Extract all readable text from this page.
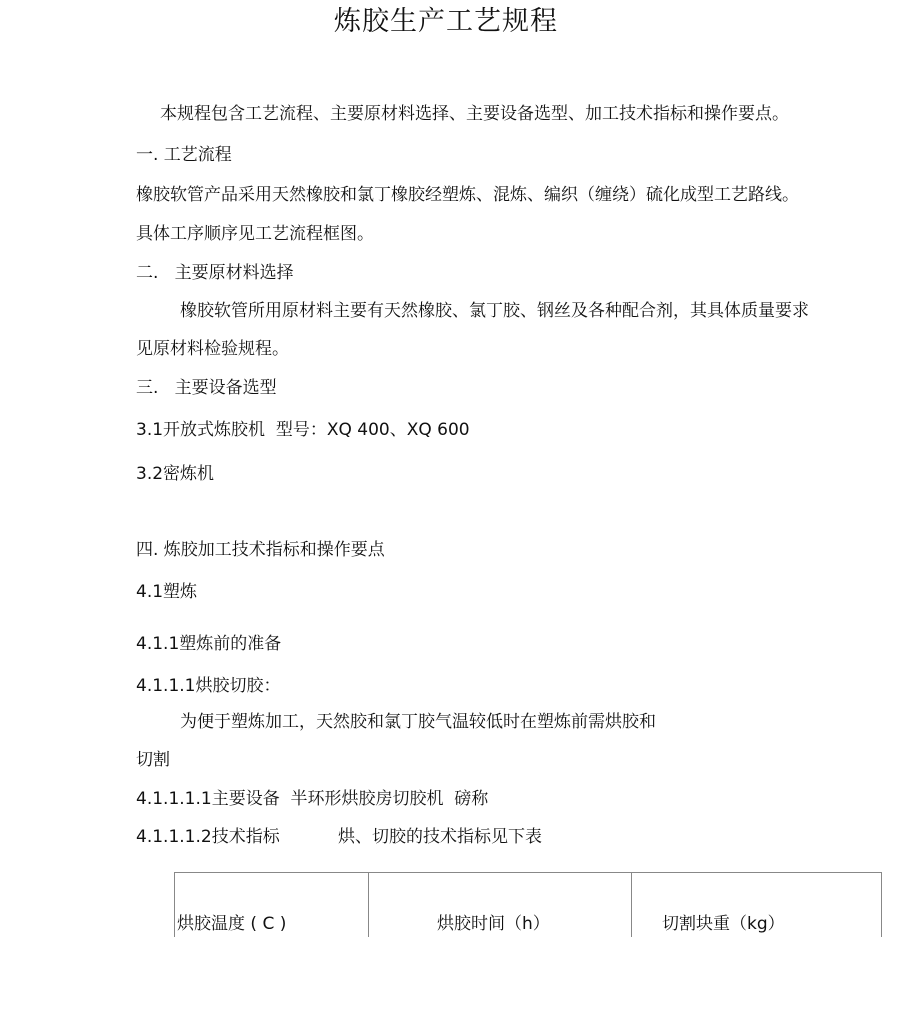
炼胶生产工艺规程
本规程包含工艺流程、主要原材料选择、主要设备选型、加工技术指标和操作要点。
一. 工艺流程
橡胶软管产品采用天然橡胶和氯丁橡胶经塑炼、混炼、编织（缠绕）硫化成型工艺路线。
具体工序顺序见工艺流程框图。
二.   主要原材料选择
橡胶软管所用原材料主要有天然橡胶、氯丁胶、钢丝及各种配合剂，其具体质量要求
见原材料检验规程。
三.   主要设备选型
3.1开放式炼胶机  型号：XQ 400、XQ 600
3.2密炼机
四. 炼胶加工技术指标和操作要点
4.1塑炼
4.1.1塑炼前的准备
4.1.1.1烘胶切胶：
为便于塑炼加工，天然胶和氯丁胶气温较低时在塑炼前需烘胶和
切割
4.1.1.1.1主要设备  半环形烘胶房切胶机  磅称
4.1.1.1.2技术指标	烘、切胶的技术指标见下表
烘胶温度 ( C )	烘胶时间（h）	切割块重（kg）
